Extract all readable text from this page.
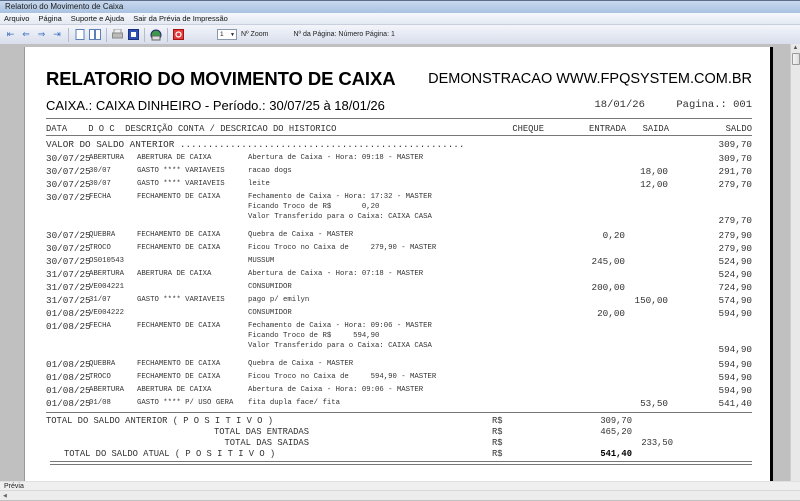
Relatorio do Movimento de Caixa
Arquivo Página Suporte e Ajuda Sair da Prévia de Impressão
⇤ ⇐ ⇒ ⇥	1 ▼ Nº Zoom	Nº da Página: Número Página: 1
RELATORIO DO MOVIMENTO DE CAIXA DEMONSTRACAO WWW.FPQSYSTEM.COM.BR
CAIXA.: CAIXA DINHEIRO - Período.: 30/07/25 à 18/01/26	18/01/26     Pagina.: 001
DATA    D O C  DESCRIÇÃO CONTA / DESCRICAO DO HISTORICO	CHEQUE	ENTRADA SAIDA	SALDO
VALOR DO SALDO ANTERIOR ...................................................	309,70
30/07/25
ABERTURA ABERTURA DE CAIXA	Abertura de Caixa - Hora: 09:18 - MASTER	309,70
30/07/25
30/07	GASTO **** VARIAVEIS	racao dogs	18,00	291,70
30/07/25
30/07	GASTO **** VARIAVEIS	leite	12,00	279,70
30/07/25
FECHA	FECHAMENTO DE CAIXA	Fechamento de Caixa - Hora: 17:32 - MASTER
Ficando Troco de R$       0,20
Valor Transferido para o Caixa: CAIXA CASA	279,70
30/07/25
QUEBRA	FECHAMENTO DE CAIXA	Quebra de Caixa - MASTER	0,20	279,90
30/07/25
TROCO	FECHAMENTO DE CAIXA	Ficou Troco no Caixa de     279,90 - MASTER	279,90
30/07/25
OS010543	MUSSUM	245,00	524,90
31/07/25
ABERTURA ABERTURA DE CAIXA	Abertura de Caixa - Hora: 07:18 - MASTER	524,90
31/07/25
VE004221	CONSUMIDOR	200,00	724,90
31/07/25
31/07	GASTO **** VARIAVEIS	pago p/ emilyn	150,00	574,90
01/08/25
VE004222	CONSUMIDOR	20,00	594,90
01/08/25
FECHA	FECHAMENTO DE CAIXA	Fechamento de Caixa - Hora: 09:06 - MASTER
Ficando Troco de R$     594,90
Valor Transferido para o Caixa: CAIXA CASA	594,90
01/08/25
QUEBRA	FECHAMENTO DE CAIXA	Quebra de Caixa - MASTER	594,90
01/08/25
TROCO	FECHAMENTO DE CAIXA	Ficou Troco no Caixa de     594,90 - MASTER	594,90
01/08/25
ABERTURA ABERTURA DE CAIXA	Abertura de Caixa - Hora: 09:06 - MASTER	594,90
01/08/25
01/08	GASTO **** P/ USO GERA fita dupla face/ fita	53,50	541,40
TOTAL DO SALDO ANTERIOR ( P O S I T I V O )	R$	309,70
TOTAL DAS ENTRADAS	R$	465,20
TOTAL DAS SAIDAS	R$	233,50
TOTAL DO SALDO ATUAL ( P O S I T I V O )	R$	541,40
▲
Prévia
◀
